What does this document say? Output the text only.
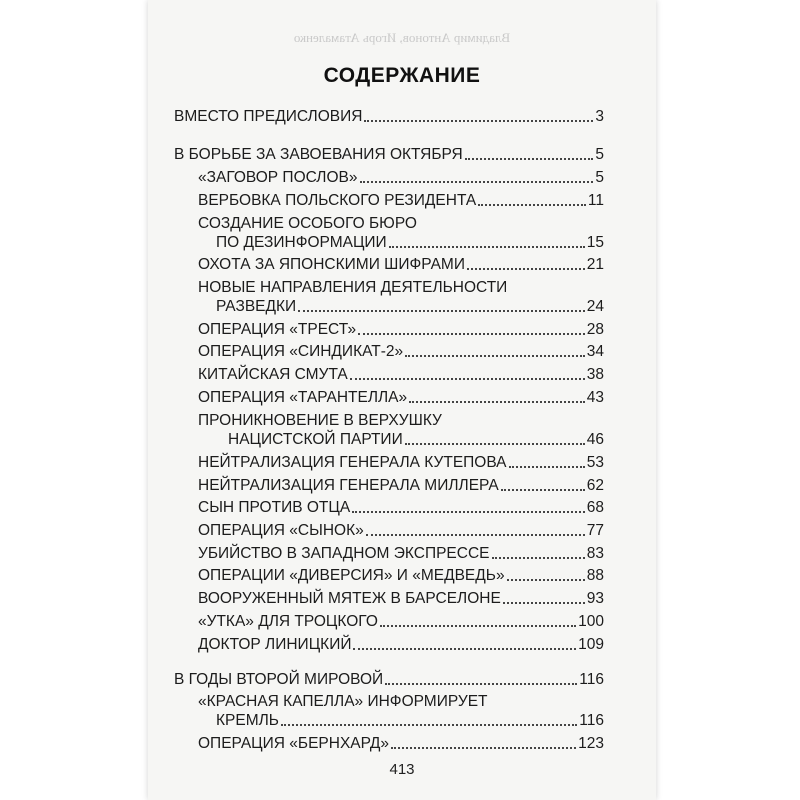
Владимир Антонов, Игорь Атамаленко
СОДЕРЖАНИЕ
ВМЕСТО ПРЕДИСЛОВИЯ	3
В БОРЬБЕ ЗА ЗАВОЕВАНИЯ ОКТЯБРЯ	5
«ЗАГОВОР ПОСЛОВ»	5
ВЕРБОВКА ПОЛЬСКОГО РЕЗИДЕНТА	11
СОЗДАНИЕ ОСОБОГО БЮРО
ПО ДЕЗИНФОРМАЦИИ	15
ОХОТА ЗА ЯПОНСКИМИ ШИФРАМИ	21
НОВЫЕ НАПРАВЛЕНИЯ ДЕЯТЕЛЬНОСТИ
РАЗВЕДКИ	24
ОПЕРАЦИЯ «ТРЕСТ»	28
ОПЕРАЦИЯ «СИНДИКАТ-2»	34
КИТАЙСКАЯ СМУТА	38
ОПЕРАЦИЯ «ТАРАНТЕЛЛА»	43
ПРОНИКНОВЕНИЕ В ВЕРХУШКУ
НАЦИСТСКОЙ ПАРТИИ	46
НЕЙТРАЛИЗАЦИЯ ГЕНЕРАЛА КУТЕПОВА	53
НЕЙТРАЛИЗАЦИЯ ГЕНЕРАЛА МИЛЛЕРА	62
СЫН ПРОТИВ ОТЦА	68
ОПЕРАЦИЯ «СЫНОК»	77
УБИЙСТВО В ЗАПАДНОМ ЭКСПРЕССЕ	83
ОПЕРАЦИИ «ДИВЕРСИЯ» И «МЕДВЕДЬ»	88
ВООРУЖЕННЫЙ МЯТЕЖ В БАРСЕЛОНЕ	93
«УТКА» ДЛЯ ТРОЦКОГО	100
ДОКТОР ЛИНИЦКИЙ	109
В ГОДЫ ВТОРОЙ МИРОВОЙ	116
«КРАСНАЯ КАПЕЛЛА» ИНФОРМИРУЕТ
КРЕМЛЬ	116
ОПЕРАЦИЯ «БЕРНХАРД»	123
413
